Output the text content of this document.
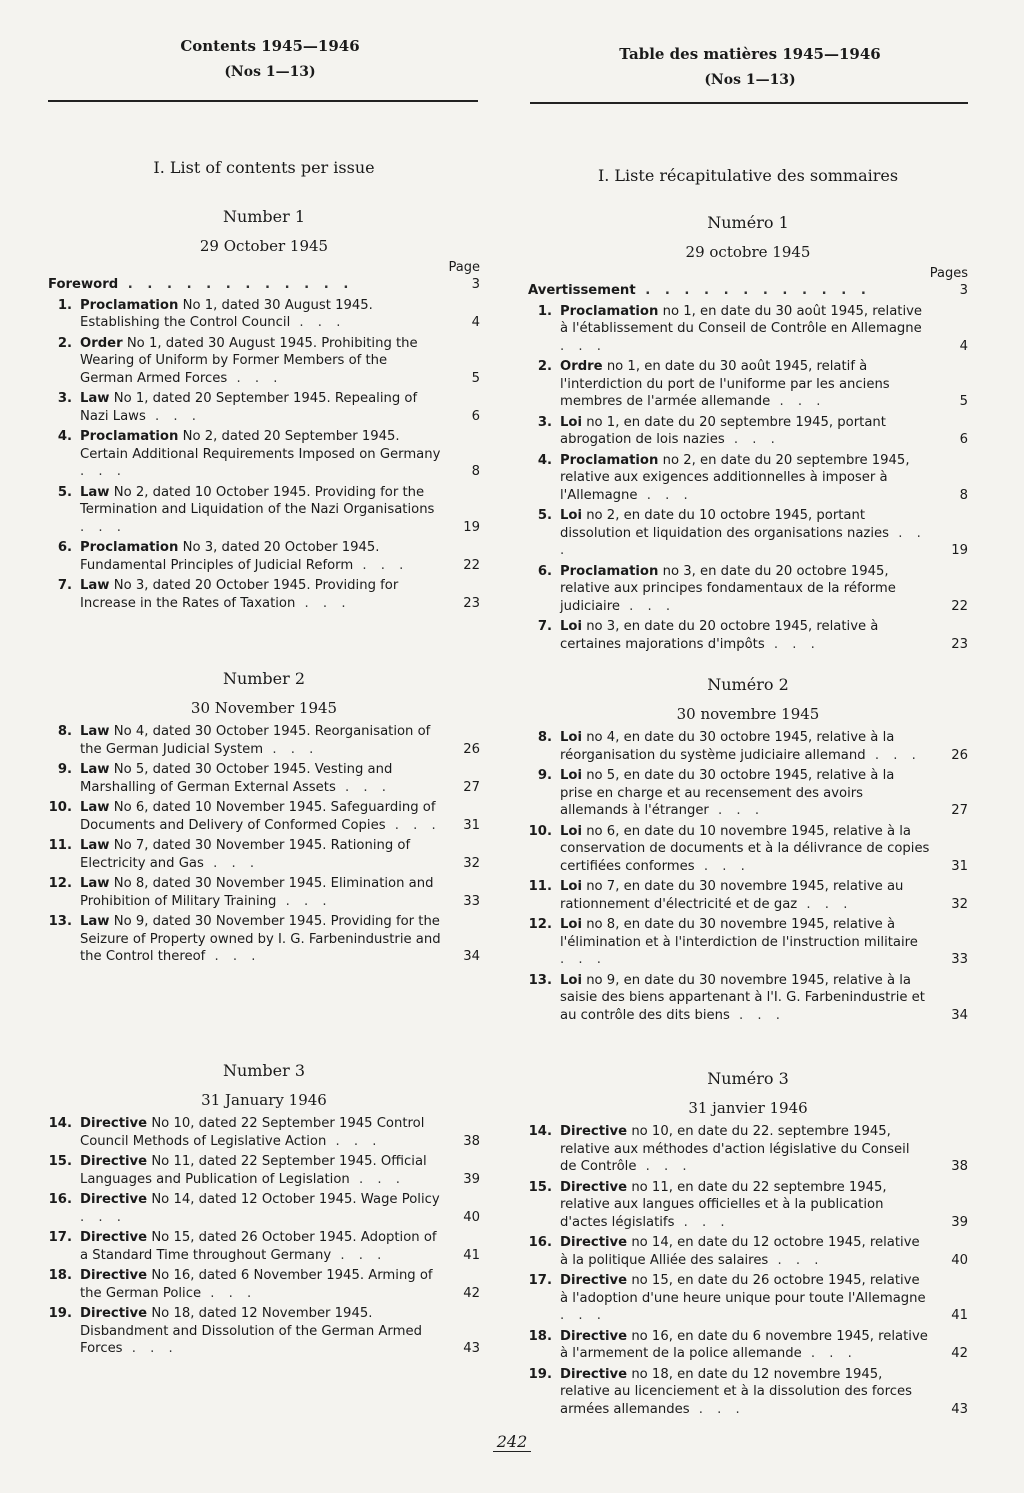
Contents 1945—1946
(Nos 1—13)
Table des matières 1945—1946
(Nos 1—13)
I. List of contents per issue
Number 1
29 October 1945
Page
Foreword . . . . . . . . . . . .	3
1. Proclamation No 1, dated 30 August 1945. Establishing the Control Council . . .	4
2. Order No 1, dated 30 August 1945. Prohibiting the Wearing of Uniform by Former Members of the German Armed Forces . . .	5
3. Law No 1, dated 20 September 1945. Repealing of Nazi Laws . . .	6
4. Proclamation No 2, dated 20 September 1945. Certain Additional Requirements Imposed on Germany . . .	8
5. Law No 2, dated 10 October 1945. Providing for the Termination and Liquidation of the Nazi Organisations . . .	19
6. Proclamation No 3, dated 20 October 1945. Fundamental Principles of Judicial Reform . . .	22
7. Law No 3, dated 20 October 1945. Providing for Increase in the Rates of Taxation . . .	23
Number 2
30 November 1945
8. Law No 4, dated 30 October 1945. Reorganisation of the German Judicial System . . .	26
9. Law No 5, dated 30 October 1945. Vesting and Marshalling of German External Assets . . .	27
10. Law No 6, dated 10 November 1945. Safeguarding of Documents and Delivery of Conformed Copies . . .	31
11. Law No 7, dated 30 November 1945. Rationing of Electricity and Gas . . .	32
12. Law No 8, dated 30 November 1945. Elimination and Prohibition of Military Training . . .	33
13. Law No 9, dated 30 November 1945. Providing for the Seizure of Property owned by I. G. Farbenindustrie and the Control thereof . . .	34
Number 3
31 January 1946
14. Directive No 10, dated 22 September 1945 Control Council Methods of Legislative Action . . .	38
15. Directive No 11, dated 22 September 1945. Official Languages and Publication of Legislation . . .	39
16. Directive No 14, dated 12 October 1945. Wage Policy . . .	40
17. Directive No 15, dated 26 October 1945. Adoption of a Standard Time throughout Germany . . .	41
18. Directive No 16, dated 6 November 1945. Arming of the German Police . . .	42
19. Directive No 18, dated 12 November 1945. Disbandment and Dissolution of the German Armed Forces . . .	43
I. Liste récapitulative des sommaires
Numéro 1
29 octobre 1945
Pages
Avertissement . . . . . . . . . . . .	3
1. Proclamation no 1, en date du 30 août 1945, relative à l'établissement du Conseil de Contrôle en Allemagne . . .	4
2. Ordre no 1, en date du 30 août 1945, relatif à l'interdiction du port de l'uniforme par les anciens membres de l'armée allemande . . .	5
3. Loi no 1, en date du 20 septembre 1945, portant abrogation de lois nazies . . .	6
4. Proclamation no 2, en date du 20 septembre 1945, relative aux exigences additionnelles à imposer à l'Allemagne . . .	8
5. Loi no 2, en date du 10 octobre 1945, portant dissolution et liquidation des organisations nazies . . .	19
6. Proclamation no 3, en date du 20 octobre 1945, relative aux principes fondamentaux de la réforme judiciaire . . .	22
7. Loi no 3, en date du 20 octobre 1945, relative à certaines majorations d'impôts . . .	23
Numéro 2
30 novembre 1945
8. Loi no 4, en date du 30 octobre 1945, relative à la réorganisation du système judiciaire allemand . . .	26
9. Loi no 5, en date du 30 octobre 1945, relative à la prise en charge et au recensement des avoirs allemands à l'étranger . . .	27
10. Loi no 6, en date du 10 novembre 1945, relative à la conservation de documents et à la délivrance de copies certifiées conformes . . .	31
11. Loi no 7, en date du 30 novembre 1945, relative au rationnement d'électricité et de gaz . . .	32
12. Loi no 8, en date du 30 novembre 1945, relative à l'élimination et à l'interdiction de l'instruction militaire . . .	33
13. Loi no 9, en date du 30 novembre 1945, relative à la saisie des biens appartenant à l'I. G. Farbenindustrie et au contrôle des dits biens . . .	34
Numéro 3
31 janvier 1946
14. Directive no 10, en date du 22. septembre 1945, relative aux méthodes d'action législative du Conseil de Contrôle . . .	38
15. Directive no 11, en date du 22 septembre 1945, relative aux langues officielles et à la publication d'actes législatifs . . .	39
16. Directive no 14, en date du 12 octobre 1945, relative à la politique Alliée des salaires . . .	40
17. Directive no 15, en date du 26 octobre 1945, relative à l'adoption d'une heure unique pour toute l'Allemagne . . .	41
18. Directive no 16, en date du 6 novembre 1945, relative à l'armement de la police allemande . . .	42
19. Directive no 18, en date du 12 novembre 1945, relative au licenciement et à la dissolution des forces armées allemandes . . .	43
242
